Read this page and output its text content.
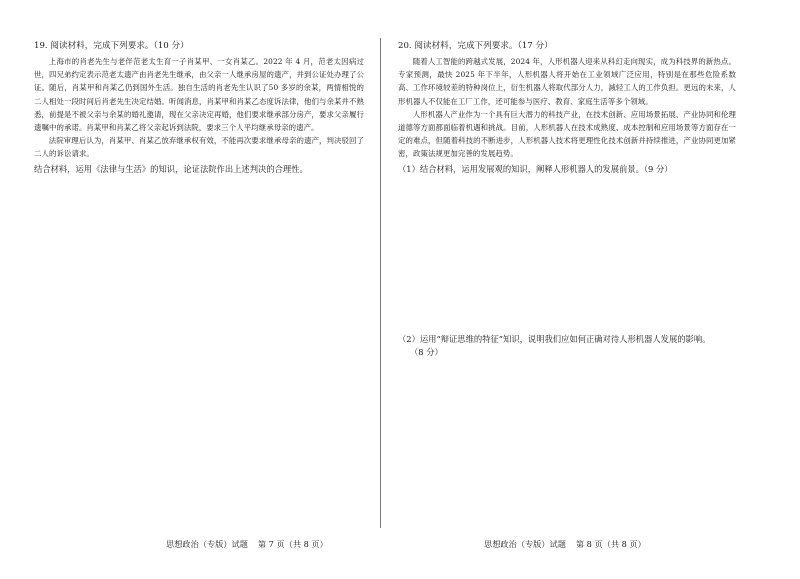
19. 阅读材料，完成下列要求。（10 分）

上海市的肖老先生与老伴范老太生育一子肖某甲、一女肖某乙。2022 年 4 月，范老太因病过世，四兄弟约定表示范老太遗产由肖老先生继承，由父亲一人继承房屋的遗产，并到公证处办理了公证。随后，肖某甲和肖某乙仍到国外生活。独自生活的肖老先生认识了50 多岁的余某，两情相悦的二人相处一段时间后肖老先生决定结婚。听闻消息，肖某甲和肖某乙态度诉法律，他们与余某并不熟悉，前提是不被父亲与余某的婚礼邀请，现在父亲决定再婚，他们要求继承部分房产，要求父亲履行遗嘱中的承诺。肖某甲和肖某乙将父亲起诉到法院，要求三个人平均继承母亲的遗产。

法院审理后认为，肖某甲、肖某乙放弃继承权有效，不能再次要求继承母亲的遗产，判决驳回了二人的诉讼请求。

结合材料，运用《法律与生活》的知识，论证法院作出上述判决的合理性。

20. 阅读材料，完成下列要求。（17 分）

随着人工智能的跨越式发展，2024 年，人形机器人迎来从科幻走向现实，成为科技界的新热点。专家预测，最快 2025 年下半年，人形机器人将开始在工业领域广泛应用，特别是在那些危险系数高、工作环境较差的特种岗位上，衍生机器人将取代部分人力，減轻工人的工作负担。更远的未来，人形机器人不仅能在工厂工作，还可能参与医疗、教育、家庭生活等多个领域。

人形机器人产业作为一个具有巨大潜力的科技产业，在技术创新、应用场景拓展、产业协同和伦理道德等方面都面临着机遇和挑战。目前，人形机器人在技术成熟度、成本控制和应用场景等方面存在一定的难点，但随着科技的不断进步，人形机器人技术将更理性化技术创新并持续推进，产业协同更加紧密，政策法规更加完善的发展趋势。

（1）结合材料，运用发展观的知识，阐释人形机器人的发展前景。（9 分）

（2）运用“辩证思维的特征”知识，说明我们应如何正确对待人形机器人发展的影响。
（8 分）

思想政治（专版）试题 第 7 页（共 8 页）	思想政治（专版）试题 第 8 页（共 8 页）
